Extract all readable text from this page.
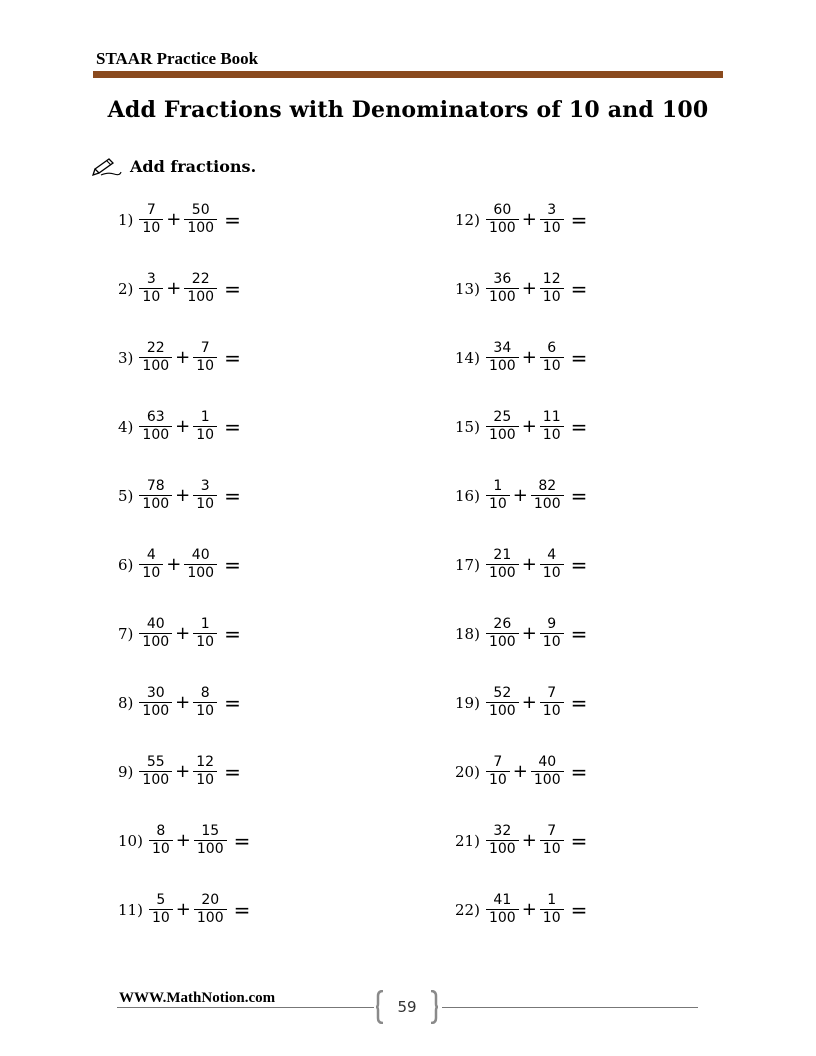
STAAR Practice Book
Add Fractions with Denominators of 10 and 100
Add fractions.
$1) \frac{7}{10} + \frac{50}{100}$ =
$2) \frac{3}{10} + \frac{22}{100}$ =
$3) \frac{22}{100} + \frac{7}{10}$ =
$4) \frac{63}{100} + \frac{1}{10}$ =
$5) \frac{78}{100} + \frac{3}{10}$ =
$6) \frac{4}{10} + \frac{40}{100}$ =
$7) \frac{40}{100} + \frac{1}{10}$ =
$8) \frac{30}{100} + \frac{8}{10}$ =
$9) \frac{55}{100} + \frac{12}{10}$ =
$10) \frac{8}{10} + \frac{15}{100}$ =
$11) \frac{5}{10} + \frac{20}{100}$ =
$12) \frac{60}{100} + \frac{3}{10}$ =
$13) \frac{36}{100} + \frac{12}{10}$ =
$14) \frac{34}{100} + \frac{6}{10}$ =
$15) \frac{25}{100} + \frac{11}{10}$ =
$16) \frac{1}{10} + \frac{82}{100}$ =
$17) \frac{21}{100} + \frac{4}{10}$ =
$18) \frac{26}{100} + \frac{9}{10}$ =
$19) \frac{52}{100} + \frac{7}{10}$ =
$20) \frac{7}{10} + \frac{40}{100}$ =
$21) \frac{32}{100} + \frac{7}{10}$ =
$22) \frac{41}{100} + \frac{1}{10}$ =
WWW.MathNotion.com	59
